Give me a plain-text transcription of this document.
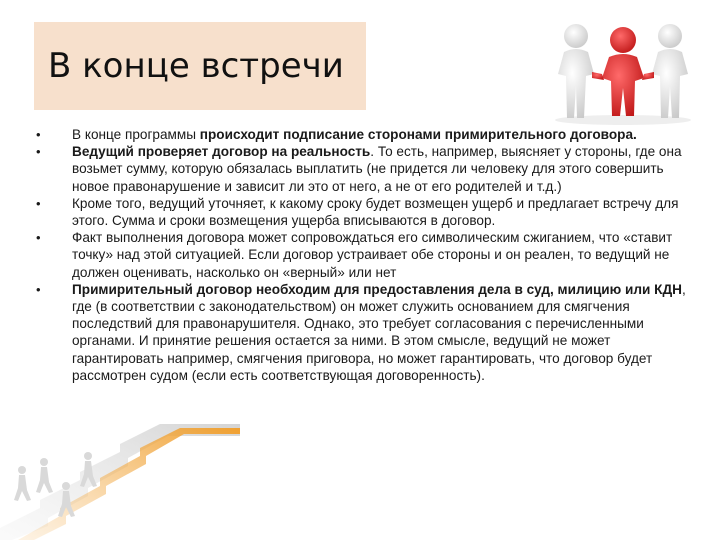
В конце встречи
• В конце программы происходит подписание сторонами примирительного договора.
• Ведущий проверяет договор на реальность. То есть, например, выясняет у стороны, где она возьмет сумму, которую обязалась выплатить (не придется ли человеку для этого совершить новое правонарушение и зависит ли это от него, а не от его родителей и т.д.)
• Кроме того, ведущий уточняет, к какому сроку будет возмещен ущерб и предлагает встречу для этого. Сумма и сроки возмещения ущерба вписываются в договор.
• Факт выполнения договора может сопровождаться его символическим сжиганием, что «ставит точку» над этой ситуацией. Если договор устраивает обе стороны и он реален, то ведущий не должен оценивать, насколько он «верный» или нет
• Примирительный договор необходим для предоставления дела в суд, милицию или КДН, где (в соответствии с законодательством) он может служить основанием для смягчения последствий для правонарушителя. Однако, это требует согласования с перечисленными органами. И принятие решения остается за ними. В этом смысле, ведущий не может гарантировать например, смягчения приговора, но может гарантировать, что договор будет рассмотрен судом (если есть соответствующая договоренность).
